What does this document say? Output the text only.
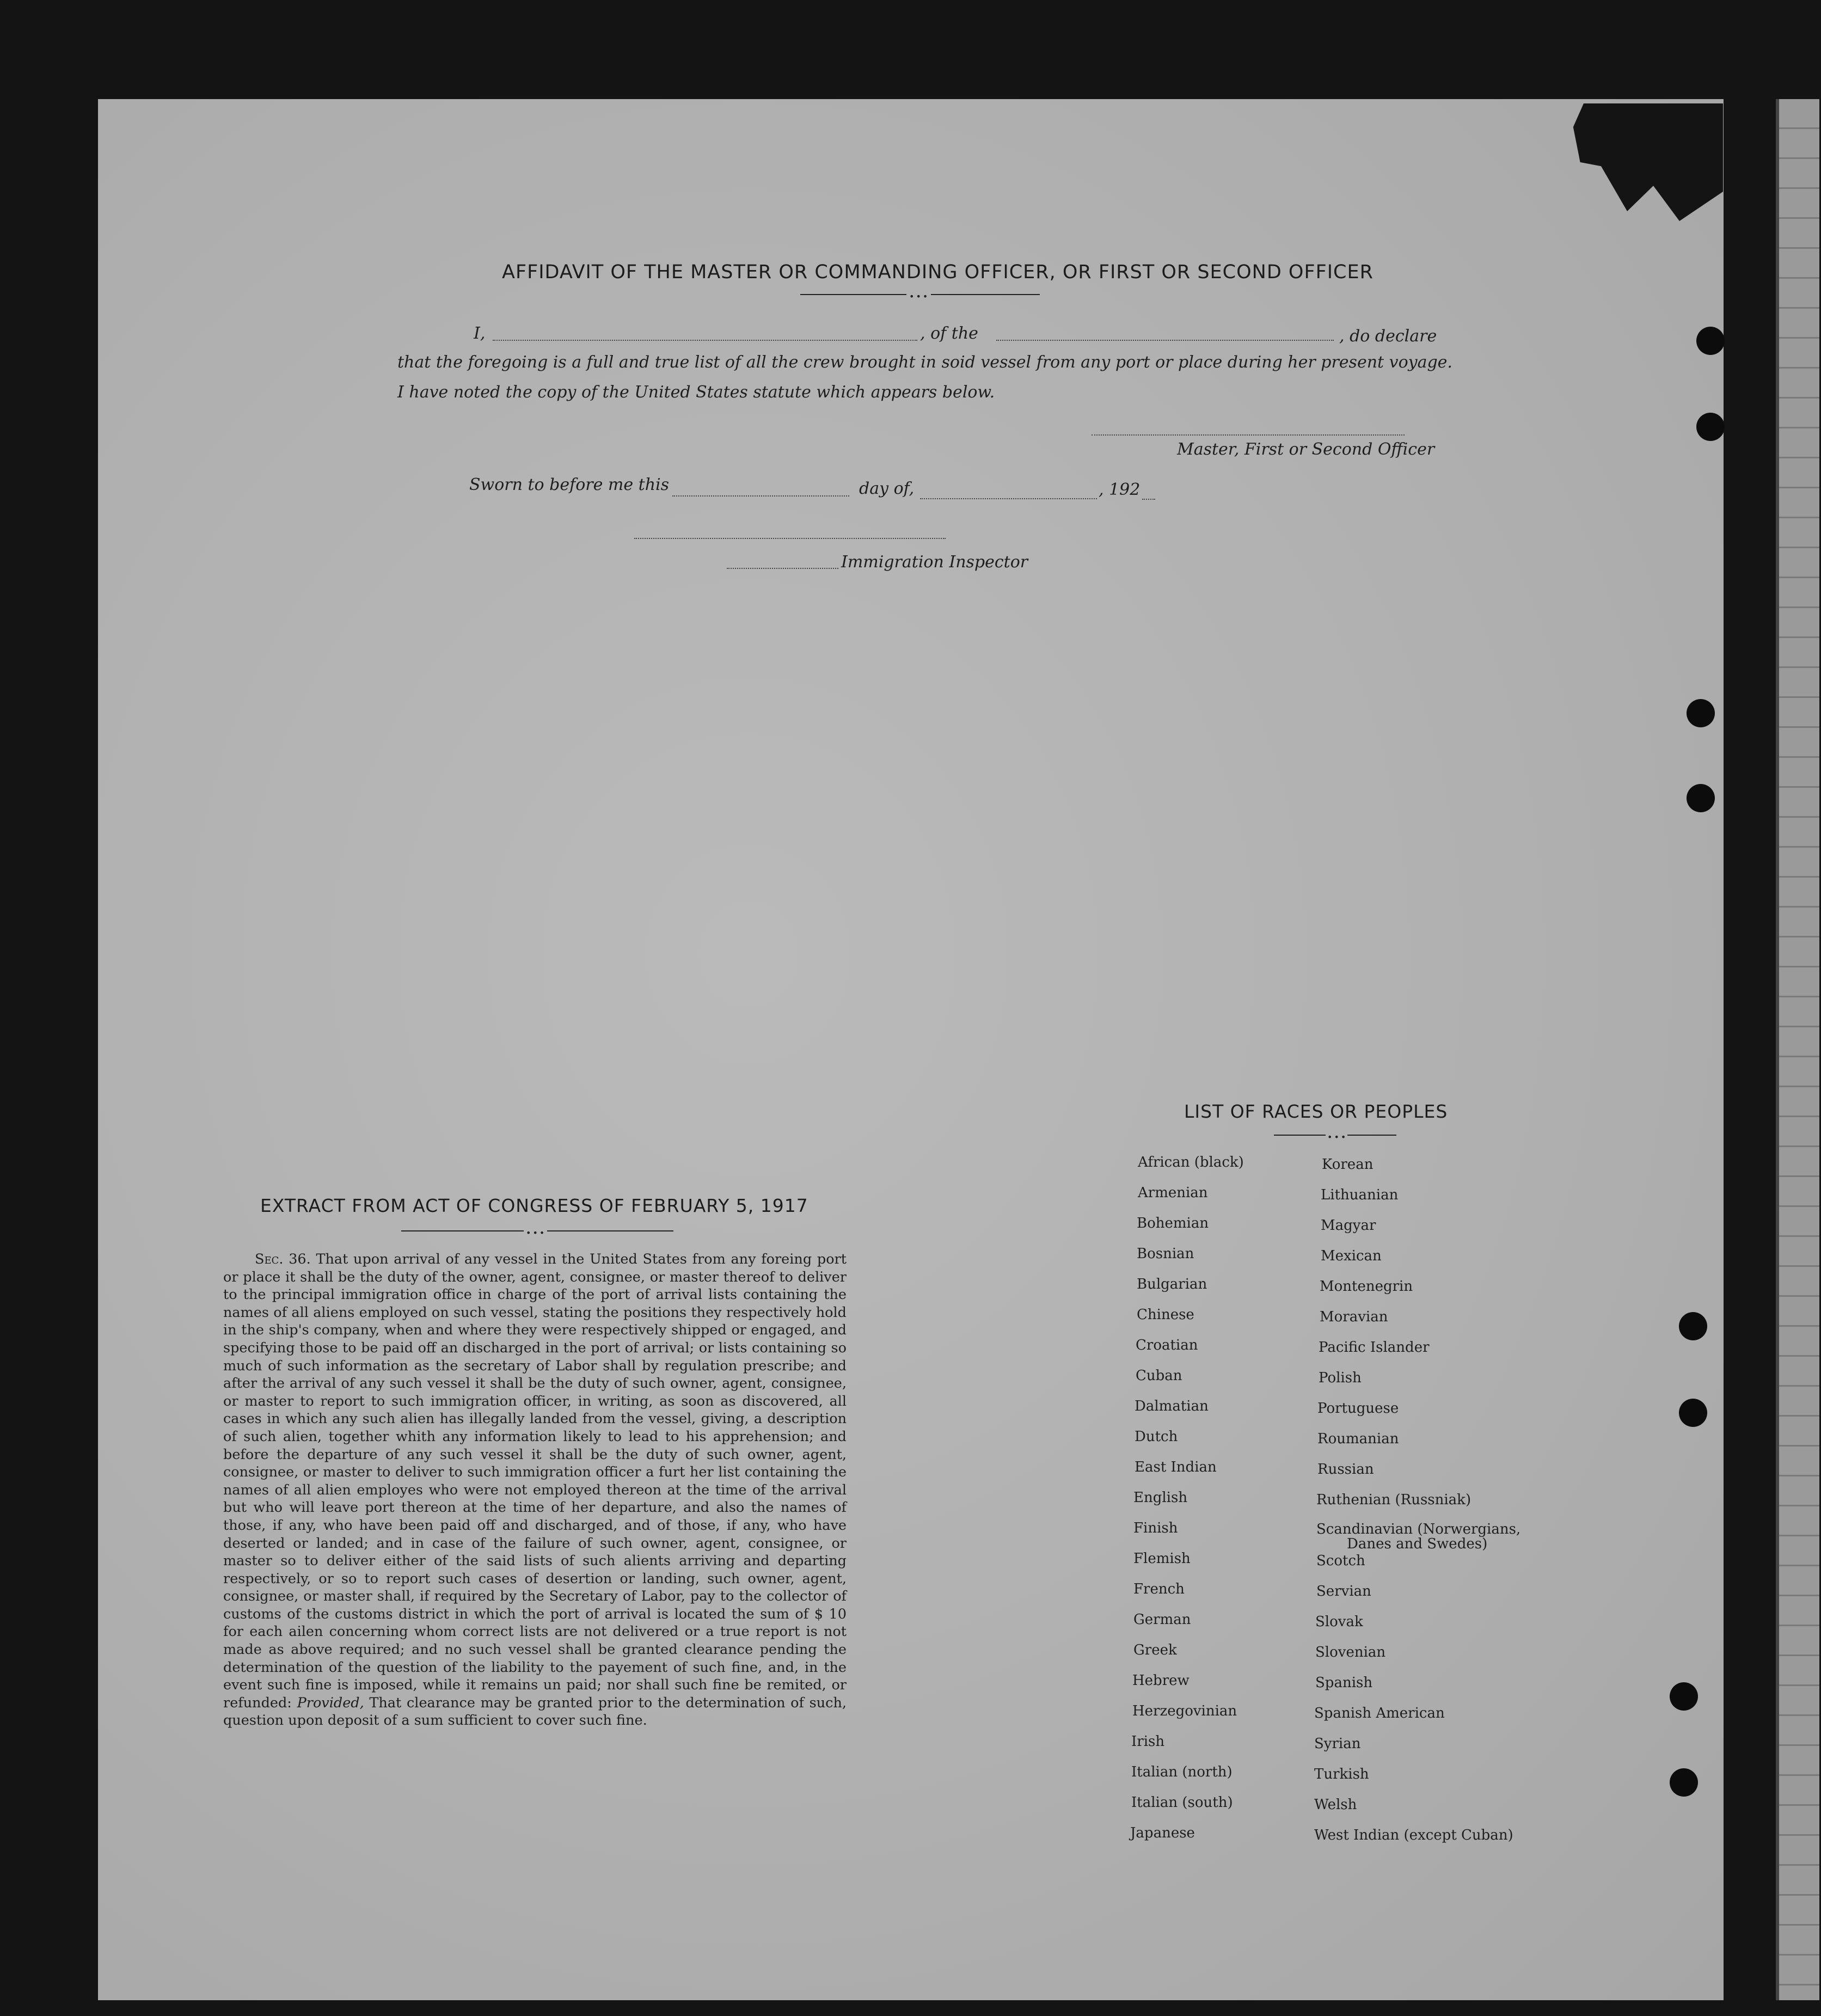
AFFIDAVIT OF THE MASTER OR COMMANDING OFFICER, OR FIRST OR SECOND OFFICER
•••
I,	, of the	, do declare
that the foregoing is a full and true list of all the crew brought in soid vessel from any port or place during her present voyage.
I have noted the copy of the United States statute which appears below.
Master, First or Second Officer
Sworn to before me this	day of,	, 192
Immigration Inspector
EXTRACT FROM ACT OF CONGRESS OF FEBRUARY 5, 1917
•••
Sec. 36. That upon arrival of any vessel in the United States from any foreing port or place it shall be the duty of the owner, agent, consignee, or master thereof to deliver to the principal immigration office in charge of the port of arrival lists containing the names of all aliens employed on such vessel, stating the positions they respectively hold in the ship's company, when and where they were respectively shipped or engaged, and specifying those to be paid off an discharged in the port of arrival; or lists containing so much of such information as the secretary of Labor shall by regulation prescribe; and after the arrival of any such vessel it shall be the duty of such owner, agent, consignee, or master to report to such immigration officer, in writing, as soon as discovered, all cases in which any such alien has illegally landed from the vessel, giving, a description of such alien, together whith any information likely to lead to his apprehension; and before the departure of any such vessel it shall be the duty of such owner, agent, consignee, or master to deliver to such immigration officer a furt her list containing the names of all alien employes who were not employed thereon at the time of the arrival but who will leave port thereon at the time of her departure, and also the names of those, if any, who have been paid off and discharged, and of those, if any, who have deserted or landed; and in case of the failure of such owner, agent, consignee, or master so to deliver either of the said lists of such alients arriving and departing respectively, or so to report such cases of desertion or landing, such owner, agent, consignee, or master shall, if required by the Secretary of Labor, pay to the collector of customs of the customs district in which the port of arrival is located the sum of $ 10 for each ailen concerning whom correct lists are not delivered or a true report is not made as above required; and no such vessel shall be granted clearance pending the determination of the question of the liability to the payement of such fine, and, in the event such fine is imposed, while it remains un paid; nor shall such fine be remited, or refunded: Provided, That clearance may be granted prior to the determination of such, question upon deposit of a sum sufficient to cover such fine.
LIST OF RACES OR PEOPLES
•••
African (black)
Armenian
Bohemian
Bosnian
Bulgarian
Chinese
Croatian
Cuban
Dalmatian
Dutch
East Indian
English
Finish
Flemish
French
German
Greek
Hebrew
Herzegovinian
Irish
Italian (north)
Italian (south)
Japanese
Korean
Lithuanian
Magyar
Mexican
Montenegrin
Moravian
Pacific Islander
Polish
Portuguese
Roumanian
Russian
Ruthenian (Russniak)
Scandinavian (Norwergians,
Danes and Swedes)
Scotch
Servian
Slovak
Slovenian
Spanish
Spanish American
Syrian
Turkish
Welsh
West Indian (except Cuban)
